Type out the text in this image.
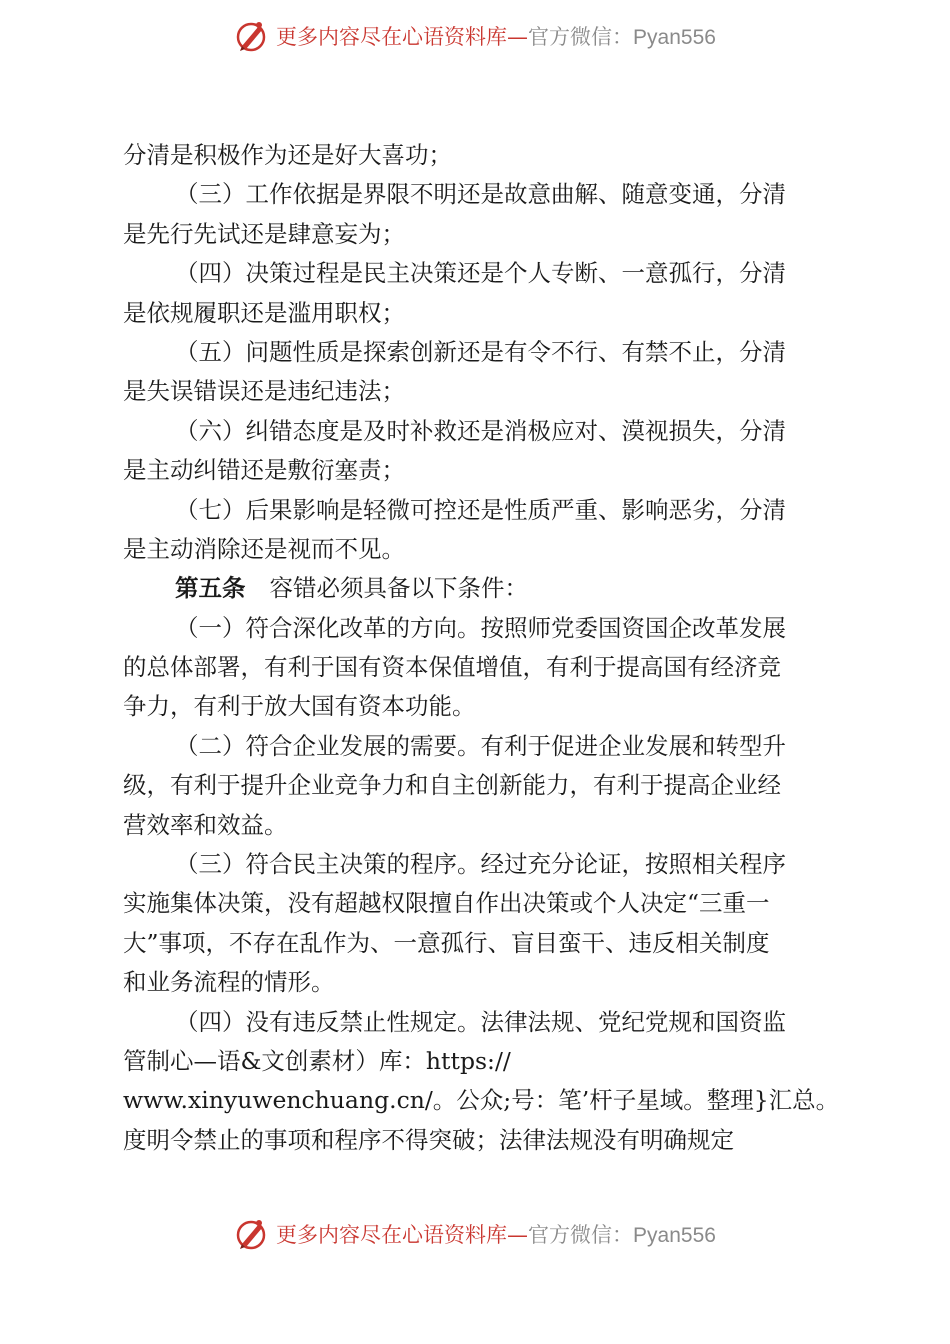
更多内容尽在心语资料库—官方微信：Pyan556
分清是积极作为还是好大喜功；
（三）工作依据是界限不明还是故意曲解、随意变通，分清
是先行先试还是肆意妄为；
（四）决策过程是民主决策还是个人专断、一意孤行，分清
是依规履职还是滥用职权；
（五）问题性质是探索创新还是有令不行、有禁不止，分清
是失误错误还是违纪违法；
（六）纠错态度是及时补救还是消极应对、漠视损失，分清
是主动纠错还是敷衍塞责；
（七）后果影响是轻微可控还是性质严重、影响恶劣，分清
是主动消除还是视而不见。
第五条 容错必须具备以下条件：
（一）符合深化改革的方向。按照师党委国资国企改革发展
的总体部署，有利于国有资本保值增值，有利于提高国有经济竞
争力，有利于放大国有资本功能。
（二）符合企业发展的需要。有利于促进企业发展和转型升
级，有利于提升企业竞争力和自主创新能力，有利于提高企业经
营效率和效益。
（三）符合民主决策的程序。经过充分论证，按照相关程序
实施集体决策，没有超越权限擅自作出决策或个人决定“三重一
大”事项，不存在乱作为、一意孤行、盲目蛮干、违反相关制度
和业务流程的情形。
（四）没有违反禁止性规定。法律法规、党纪党规和国资监
管制心—语&文创素材）库：https://
www.xinyuwenchuang.cn/。公众;号：笔’杆子星域。整理}汇总。
度明令禁止的事项和程序不得突破；法律法规没有明确规定
更多内容尽在心语资料库—官方微信：Pyan556
